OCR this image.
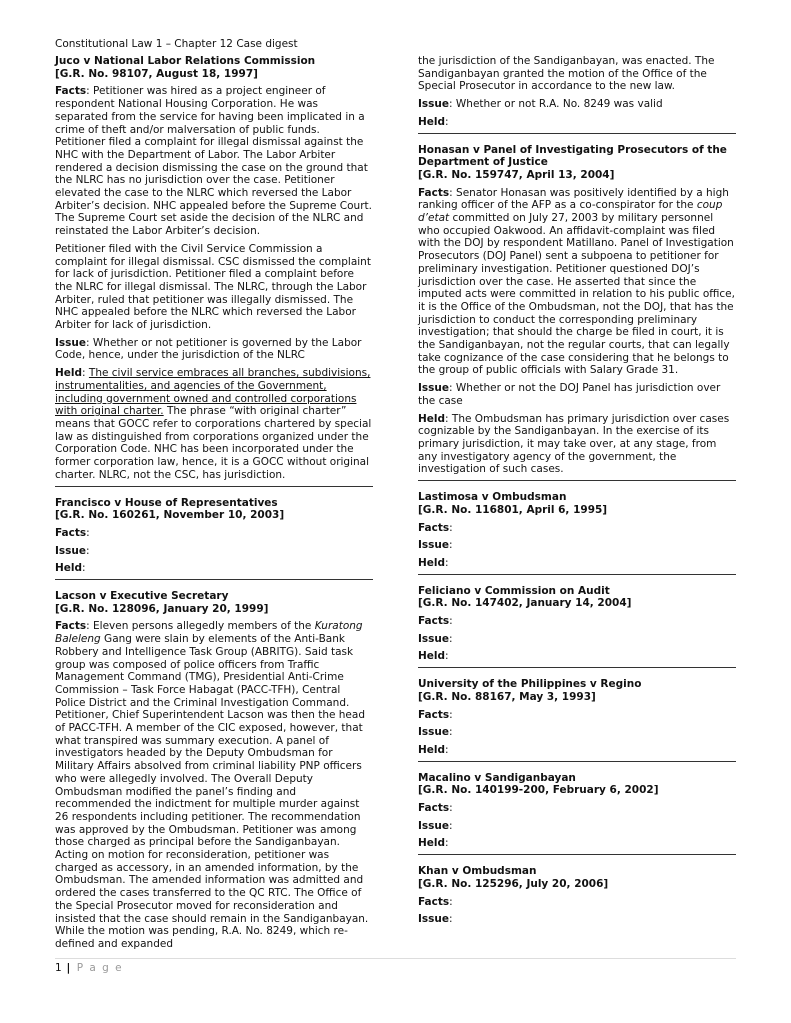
Constitutional Law 1 – Chapter 12 Case digest
Juco v National Labor Relations Commission
[G.R. No. 98107, August 18, 1997]

Facts: Petitioner was hired as a project engineer of respondent National Housing Corporation. He was separated from the service for having been implicated in a crime of theft and/or malversation of public funds. Petitioner filed a complaint for illegal dismissal against the NHC with the Department of Labor. The Labor Arbiter rendered a decision dismissing the case on the ground that the NLRC has no jurisdiction over the case. Petitioner elevated the case to the NLRC which reversed the Labor Arbiter’s decision. NHC appealed before the Supreme Court. The Supreme Court set aside the decision of the NLRC and reinstated the Labor Arbiter’s decision.

Petitioner filed with the Civil Service Commission a complaint for illegal dismissal. CSC dismissed the complaint for lack of jurisdiction. Petitioner filed a complaint before the NLRC for illegal dismissal. The NLRC, through the Labor Arbiter, ruled that petitioner was illegally dismissed. The NHC appealed before the NLRC which reversed the Labor Arbiter for lack of jurisdiction.

Issue: Whether or not petitioner is governed by the Labor Code, hence, under the jurisdiction of the NLRC

Held: The civil service embraces all branches, subdivisions, instrumentalities, and agencies of the Government, including government owned and controlled corporations with original charter. The phrase “with original charter” means that GOCC refer to corporations chartered by special law as distinguished from corporations organized under the Corporation Code. NHC has been incorporated under the former corporation law, hence, it is a GOCC without original charter. NLRC, not the CSC, has jurisdiction.

Francisco v House of Representatives
[G.R. No. 160261, November 10, 2003]

Facts:

Issue:

Held:

Lacson v Executive Secretary
[G.R. No. 128096, January 20, 1999]

Facts: Eleven persons allegedly members of the Kuratong Baleleng Gang were slain by elements of the Anti-Bank Robbery and Intelligence Task Group (ABRITG). Said task group was composed of police officers from Traffic Management Command (TMG), Presidential Anti-Crime Commission – Task Force Habagat (PACC-TFH), Central Police District and the Criminal Investigation Command. Petitioner, Chief Superintendent Lacson was then the head of PACC-TFH. A member of the CIC exposed, however, that what transpired was summary execution. A panel of investigators headed by the Deputy Ombudsman for Military Affairs absolved from criminal liability PNP officers who were allegedly involved. The Overall Deputy Ombudsman modified the panel’s finding and recommended the indictment for multiple murder against 26 respondents including petitioner. The recommendation was approved by the Ombudsman. Petitioner was among those charged as principal before the Sandiganbayan. Acting on motion for reconsideration, petitioner was charged as accessory, in an amended information, by the Ombudsman. The amended information was admitted and ordered the cases transferred to the QC RTC. The Office of the Special Prosecutor moved for reconsideration and insisted that the case should remain in the Sandiganbayan. While the motion was pending, R.A. No. 8249, which re-defined and expanded

the jurisdiction of the Sandiganbayan, was enacted. The Sandiganbayan granted the motion of the Office of the Special Prosecutor in accordance to the new law.

Issue: Whether or not R.A. No. 8249 was valid

Held:

Honasan v Panel of Investigating Prosecutors of the Department of Justice
[G.R. No. 159747, April 13, 2004]

Facts: Senator Honasan was positively identified by a high ranking officer of the AFP as a co-conspirator for the coup d’etat committed on July 27, 2003 by military personnel who occupied Oakwood. An affidavit-complaint was filed with the DOJ by respondent Matillano. Panel of Investigation Prosecutors (DOJ Panel) sent a subpoena to petitioner for preliminary investigation. Petitioner questioned DOJ’s jurisdiction over the case. He asserted that since the imputed acts were committed in relation to his public office, it is the Office of the Ombudsman, not the DOJ, that has the jurisdiction to conduct the corresponding preliminary investigation; that should the charge be filed in court, it is the Sandiganbayan, not the regular courts, that can legally take cognizance of the case considering that he belongs to the group of public officials with Salary Grade 31.

Issue: Whether or not the DOJ Panel has jurisdiction over the case

Held: The Ombudsman has primary jurisdiction over cases cognizable by the Sandiganbayan. In the exercise of its primary jurisdiction, it may take over, at any stage, from any investigatory agency of the government, the investigation of such cases.

Lastimosa v Ombudsman
[G.R. No. 116801, April 6, 1995]

Facts:

Issue:

Held:

Feliciano v Commission on Audit
[G.R. No. 147402, January 14, 2004]

Facts:

Issue:

Held:

University of the Philippines v Regino
[G.R. No. 88167, May 3, 1993]

Facts:

Issue:

Held:

Macalino v Sandiganbayan
[G.R. No. 140199-200, February 6, 2002]

Facts:

Issue:

Held:

Khan v Ombudsman
[G.R. No. 125296, July 20, 2006]

Facts:

Issue:

1 | P a g e
